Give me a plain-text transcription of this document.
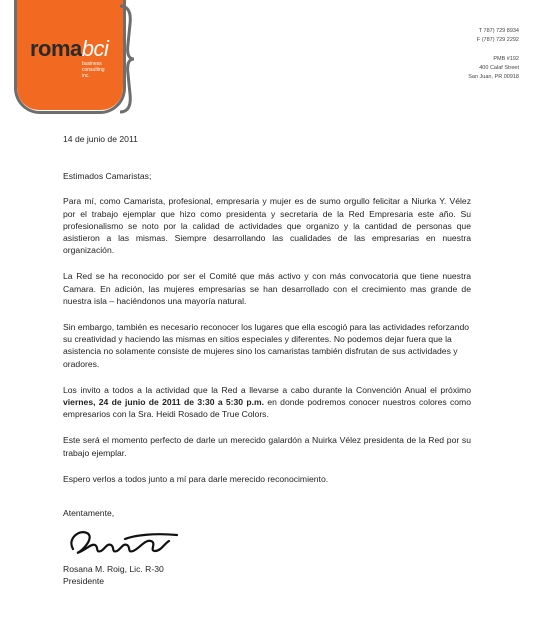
romabci
business
consulting
inc.
T 787) 729 8934
F (787) 729 2292
PMB #192
400 Calaf Street
San Juan, PR 00918
14 de junio de 2011
Estimados Camaristas;

Para mí, como Camarista, profesional, empresaria y mujer es de sumo orgullo felicitar a Niurka Y. Vélez por el trabajo ejemplar que hizo como presidenta y secretaria de la Red Empresaria este año. Su profesionalismo se noto por la calidad de actividades que organizo y la cantidad de personas que asistieron a las mismas. Siempre desarrollando las cualidades de las empresarias en nuestra organización.

La Red se ha reconocido por ser el Comité que más activo y con más convocatoria que tiene nuestra Camara. En adición, las mujeres empresarias se han desarrollado con el crecimiento mas grande de nuestra isla – haciéndonos una mayoría natural.

Sin embargo, también es necesario reconocer los lugares que ella escogió para las actividades reforzando su creatividad y haciendo las mismas en sitios especiales y diferentes. No podemos dejar fuera que la asistencia no solamente consiste de mujeres sino los camaristas también disfrutan de sus actividades y oradores.

Los invito a todos a la actividad que la Red a llevarse a cabo durante la Convención Anual el próximo viernes, 24 de junio de 2011 de 3:30 a 5:30 p.m. en donde podremos conocer nuestros colores como empresarios con la Sra. Heidi Rosado de True Colors.

Este será el momento perfecto de darle un merecido galardón a Nuirka Vélez presidenta de la Red por su trabajo ejemplar.

Espero verlos a todos junto a mí para darle merecido reconocimiento.

Atentamente,
Rosana M. Roig, Lic. R-30
Presidente
